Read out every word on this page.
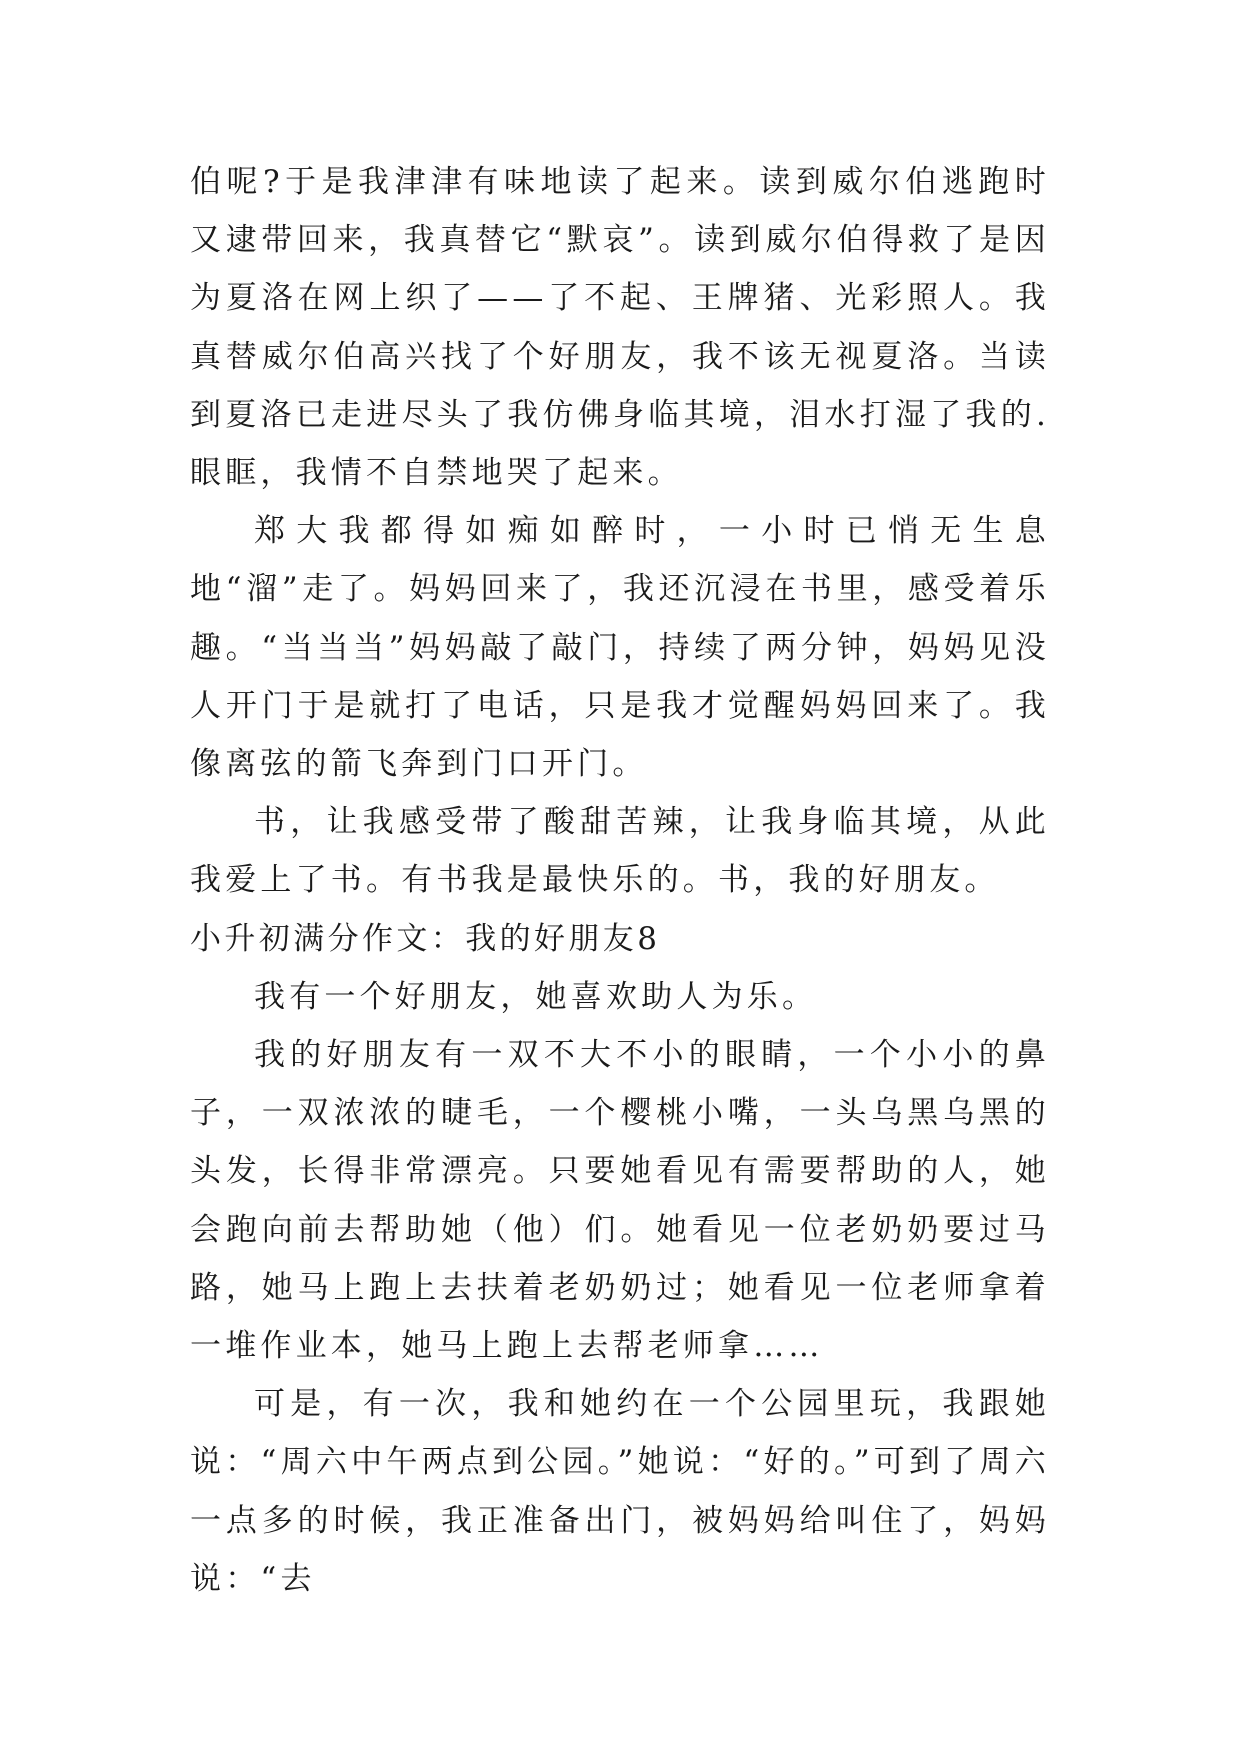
伯呢?于是我津津有味地读了起来。读到威尔伯逃跑时又逮带回来，我真替它“默哀”。读到威尔伯得救了是因为夏洛在网上织了——了不起、王牌猪、光彩照人。我真替威尔伯高兴找了个好朋友，我不该无视夏洛。当读到夏洛已走进尽头了我仿佛身临其境，泪水打湿了我的.眼眶，我情不自禁地哭了起来。

郑大我都得如痴如醉时，一小时已悄无生息地“溜”走了。妈妈回来了，我还沉浸在书里，感受着乐趣。“当当当”妈妈敲了敲门，持续了两分钟，妈妈见没人开门于是就打了电话，只是我才觉醒妈妈回来了。我像离弦的箭飞奔到门口开门。

书，让我感受带了酸甜苦辣，让我身临其境，从此我爱上了书。有书我是最快乐的。书，我的好朋友。

小升初满分作文：我的好朋友8

我有一个好朋友，她喜欢助人为乐。

我的好朋友有一双不大不小的眼睛，一个小小的鼻子，一双浓浓的睫毛，一个樱桃小嘴，一头乌黑乌黑的头发，长得非常漂亮。只要她看见有需要帮助的人，她会跑向前去帮助她（他）们。她看见一位老奶奶要过马路，她马上跑上去扶着老奶奶过；她看见一位老师拿着一堆作业本，她马上跑上去帮老师拿……

可是，有一次，我和她约在一个公园里玩，我跟她说：“周六中午两点到公园。”她说：“好的。”可到了周六一点多的时候，我正准备出门，被妈妈给叫住了，妈妈说：“去
